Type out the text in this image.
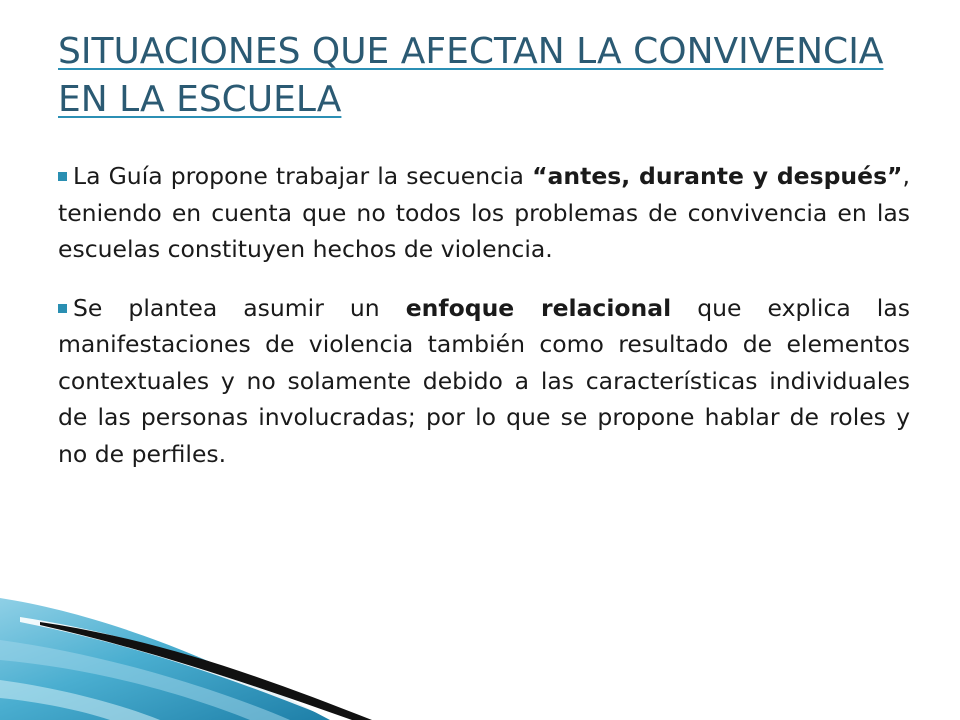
SITUACIONES QUE AFECTAN LA CONVIVENCIA EN LA ESCUELA

La Guía propone trabajar la secuencia “antes, durante y después”, teniendo en cuenta que no todos los problemas de convivencia en las escuelas constituyen hechos de violencia.

Se plantea asumir un enfoque relacional que explica las manifestaciones de violencia también como resultado de elementos contextuales y no solamente debido a las características individuales de las personas involucradas; por lo que se propone hablar de roles y no de perfiles.
